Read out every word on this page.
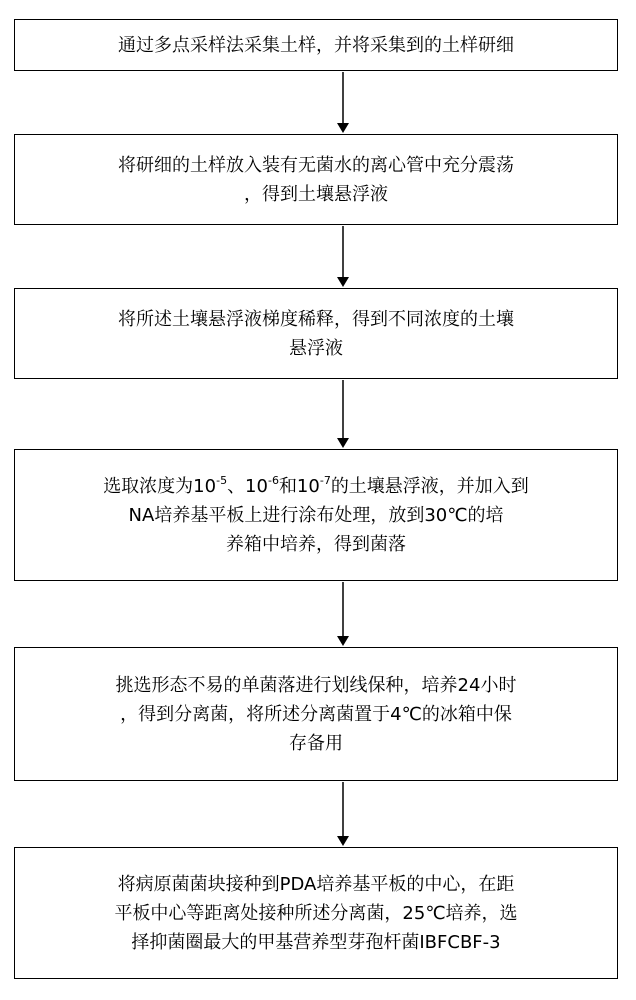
通过多点采样法采集土样，并将采集到的土样研细
将研细的土样放入装有无菌水的离心管中充分震荡
，得到土壤悬浮液
将所述土壤悬浮液梯度稀释，得到不同浓度的土壤
悬浮液
选取浓度为$10^{-5}$、$10^{-6}$和$10^{-7}$的土壤悬浮液，并加入到
NA培养基平板上进行涂布处理，放到30℃的培
养箱中培养，得到菌落
挑选形态不易的单菌落进行划线保种，培养24小时
，得到分离菌，将所述分离菌置于4℃的冰箱中保
存备用
将病原菌菌块接种到PDA培养基平板的中心，在距
平板中心等距离处接种所述分离菌，25℃培养，选
择抑菌圈最大的甲基营养型芽孢杆菌IBFCBF-3
